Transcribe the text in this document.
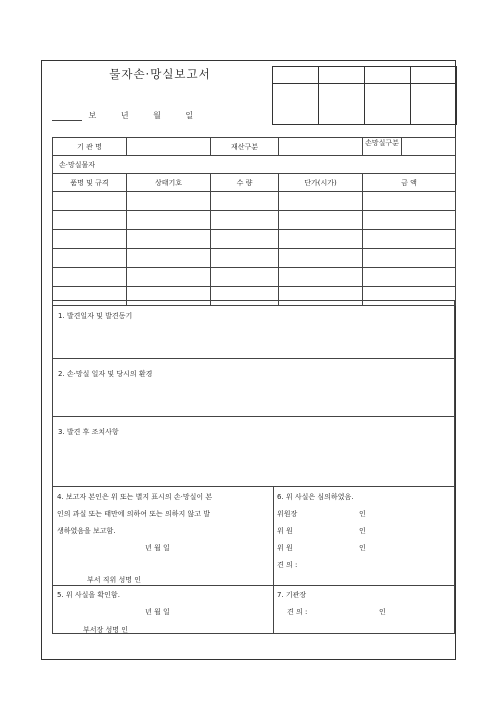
물자손·망실보고서
보	년	월	일

기 관 명		재산구분		손망실구분

손·망실물자				
품명 및 규격	상태기호	수 량	단가(시가)	금 액

1. 발견일자 및 발견동기
2. 손·망실 일자 및 당시의 환경
3. 발견 후 조치사항
4. 보고자 본인은 위 또는 별지 표시의 손·망실이 본
인의 과실 또는 태만에 의하여 또는 의하지 않고 발
생하였음을 보고함.
년 월 일
부서 직위 성명 인
5. 위 사실을 확인함.
년 월 일
부서장 성명 인
6. 위 사실은 심의하였음.
위원장	인
위 원	인
위 원	인
견 의 :
7. 기관장
견 의 :	인
